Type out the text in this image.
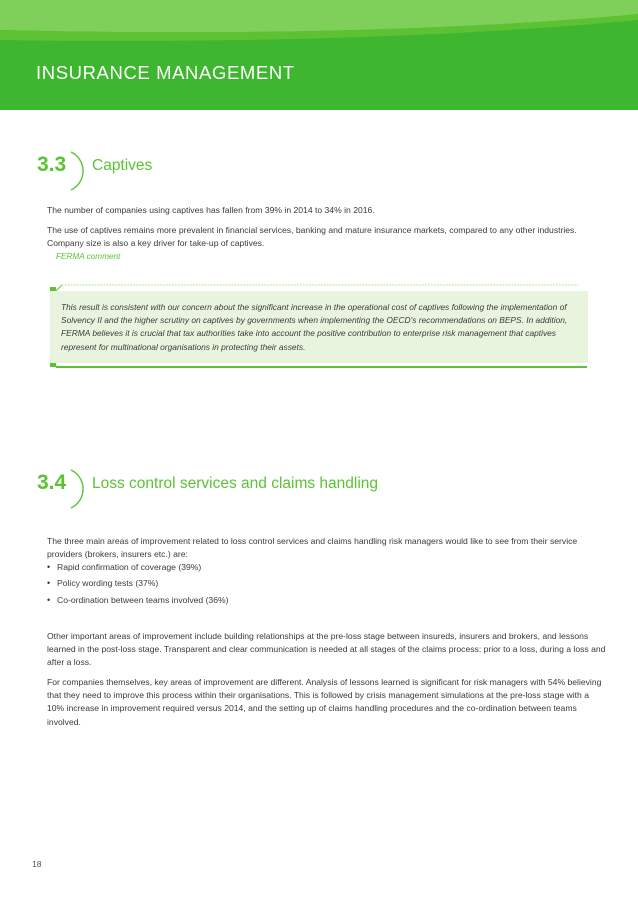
INSURANCE MANAGEMENT
3.3 Captives

The number of companies using captives has fallen from 39% in 2014 to 34% in 2016.

The use of captives remains more prevalent in financial services, banking and mature insurance markets, compared to any other industries. Company size is also a key driver for take-up of captives.

FERMA comment

This result is consistent with our concern about the significant increase in the operational cost of captives following the implementation of Solvency II and the higher scrutiny on captives by governments when implementing the OECD's recommendations on BEPS. In addition, FERMA believes it is crucial that tax authorities take into account the positive contribution to enterprise risk management that captives represent for multinational organisations in protecting their assets.

3.4 Loss control services and claims handling

The three main areas of improvement related to loss control services and claims handling risk managers would like to see from their service providers (brokers, insurers etc.) are:

• Rapid confirmation of coverage (39%)
• Policy wording tests (37%)
• Co-ordination between teams involved (36%)

Other important areas of improvement include building relationships at the pre-loss stage between insureds, insurers and brokers, and lessons learned in the post-loss stage. Transparent and clear communication is needed at all stages of the claims process: prior to a loss, during a loss and after a loss.

For companies themselves, key areas of improvement are different. Analysis of lessons learned is significant for risk managers with 54% believing that they need to improve this process within their organisations. This is followed by crisis management simulations at the pre-loss stage with a 10% increase in improvement required versus 2014, and the setting up of claims handling procedures and the co-ordination between teams involved.

18
